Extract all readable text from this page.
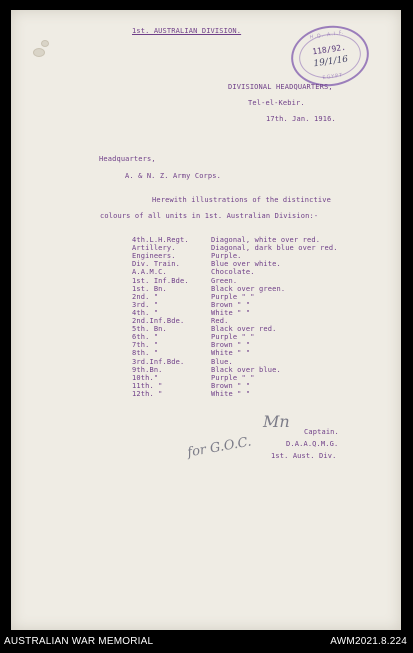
1st. AUSTRALIAN DIVISION.	H.Q. A.I.F.
118/92.
19/1/16
EGYPT
DIVISIONAL HEADQUARTERS,
Tel-el-Kebir.
17th. Jan. 1916.
Headquarters,
A. & N. Z. Army Corps.
Herewith illustrations of the distinctive
colours of all units in 1st. Australian Division:-
4th.L.H.Regt.	Diagonal, white over red.
Artillery.	Diagonal, dark blue over red.
Engineers.	Purple.
Div. Train.	Blue over white.
A.A.M.C.	Chocolate.
1st. Inf.Bde.	Green.
1st. Bn.	Black over green.
2nd. "	Purple " "
3rd. "	Brown " "
4th. "	White " "
2nd.Inf.Bde.	Red.
5th. Bn.	Black over red.
6th. "	Purple " "
7th. "	Brown " "
8th. "	White " "
3rd.Inf.Bde.	Blue.
9th.Bn.	Black over blue.
10th."	Purple " "
11th. "	Brown " "
12th. "	White " "
Mn
Captain.
D.A.A.Q.M.G.
1st. Aust. Div.
for G.O.C.
AUSTRALIAN WAR MEMORIAL	AWM2021.8.224
